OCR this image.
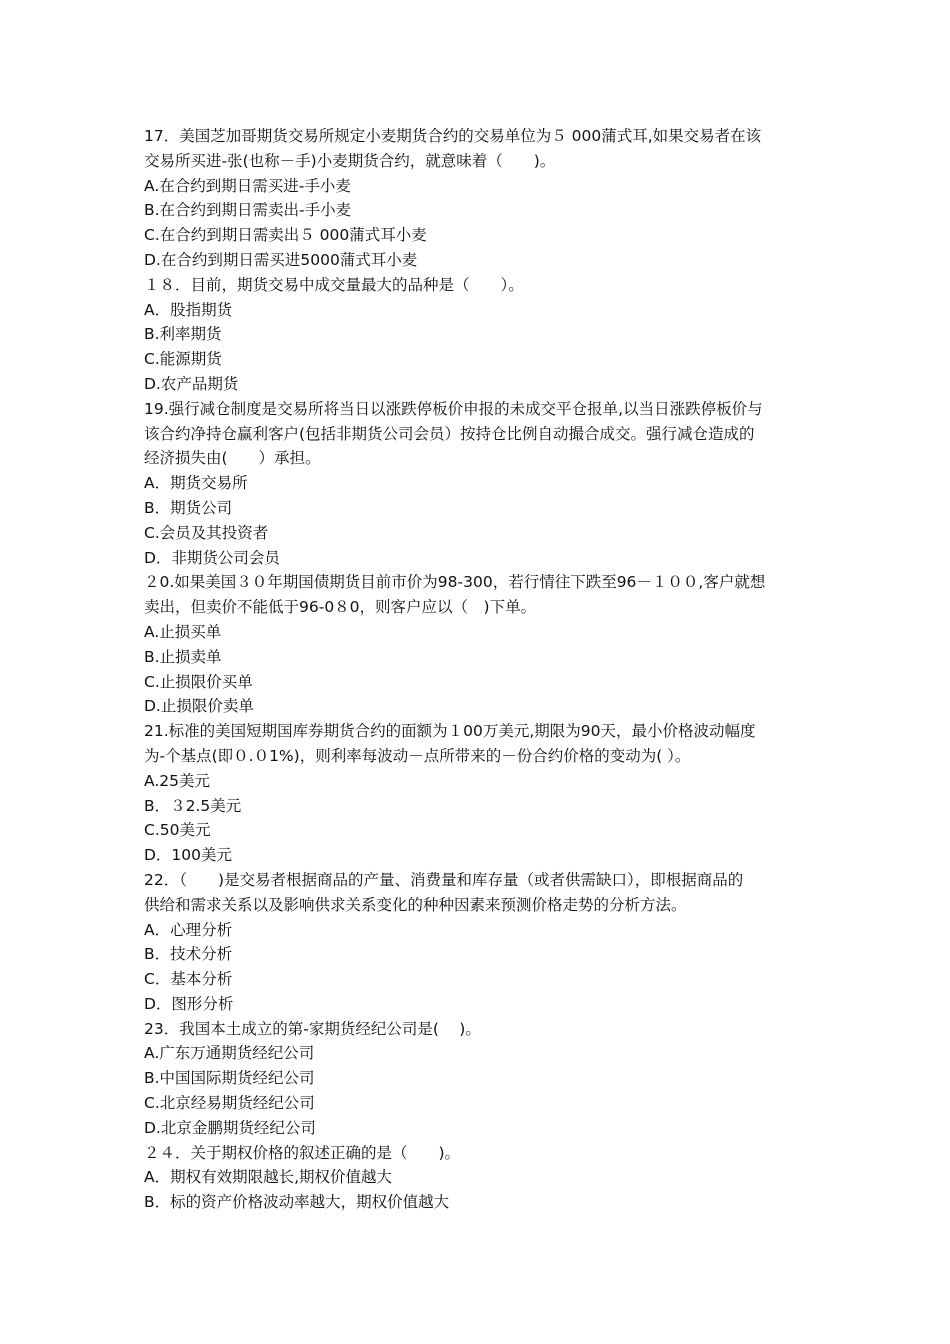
17．美国芝加哥期货交易所规定小麦期货合约的交易单位为５ 000蒲式耳,如果交易者在该
交易所买进-张(也称－手)小麦期货合约，就意味着（　　)。
A.在合约到期日需买进-手小麦
B.在合约到期日需卖出-手小麦
C.在合约到期日需卖出５ 000蒲式耳小麦
D.在合约到期日需买进5000蒲式耳小麦
１８．目前，期货交易中成交量最大的品种是（　　）。
A．股指期货
B.利率期货
C.能源期货
D.农产品期货
19.强行减仓制度是交易所将当日以涨跌停板价申报的未成交平仓报单,以当日涨跌停板价与
该合约净持仓赢利客户(包括非期货公司会员）按持仓比例自动撮合成交。强行减仓造成的
经济损失由(　　）承担。
A．期货交易所
B．期货公司
C.会员及其投资者
D．非期货公司会员
２0.如果美国３０年期国债期货目前市价为98-300，若行情往下跌至96－１００,客户就想
卖出，但卖价不能低于96-0８0，则客户应以（　)下单。
A.止损买单
B.止损卖单
C.止损限价买单
D.止损限价卖单
21.标准的美国短期国库券期货合约的面额为１00万美元,期限为90天，最小价格波动幅度
为-个基点(即０.０1%)，则利率每波动－点所带来的－份合约价格的变动为( ）。
A.25美元
B．３2.5美元
C.50美元
D．100美元
22．（　　)是交易者根据商品的产量、消费量和库存量（或者供需缺口），即根据商品的
供给和需求关系以及影响供求关系变化的种种因素来预测价格走势的分析方法。
A．心理分析
B．技术分析
C．基本分析
D．图形分析
23．我国本土成立的第-家期货经纪公司是(　 )。
A.广东万通期货经纪公司
B.中国国际期货经纪公司
C.北京经易期货经纪公司
D.北京金鹏期货经纪公司
２４．关于期权价格的叙述正确的是（　　)。
A．期权有效期限越长,期权价值越大
B．标的资产价格波动率越大，期权价值越大
